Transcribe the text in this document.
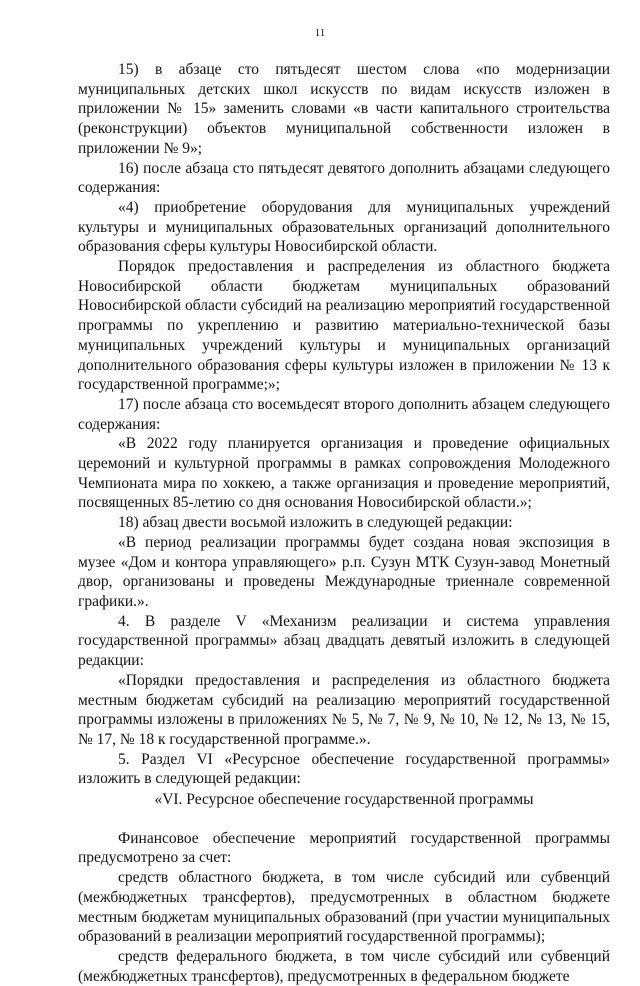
11

15) в абзаце сто пятьдесят шестом слова «по модернизации муниципальных детских школ искусств по видам искусств изложен в приложении № 15» заменить словами «в части капитального строительства (реконструкции) объектов муниципальной собственности изложен в приложении № 9»;

16) после абзаца сто пятьдесят девятого дополнить абзацами следующего содержания:

«4) приобретение оборудования для муниципальных учреждений культуры и муниципальных образовательных организаций дополнительного образования сферы культуры Новосибирской области.

Порядок предоставления и распределения из областного бюджета Новосибирской области бюджетам муниципальных образований Новосибирской области субсидий на реализацию мероприятий государственной программы по укреплению и развитию материально-технической базы муниципальных учреждений культуры и муниципальных организаций дополнительного образования сферы культуры изложен в приложении № 13 к государственной программе;»;

17) после абзаца сто восемьдесят второго дополнить абзацем следующего содержания:

«В 2022 году планируется организация и проведение официальных церемоний и культурной программы в рамках сопровождения Молодежного Чемпионата мира по хоккею, а также организация и проведение мероприятий, посвященных 85-летию со дня основания Новосибирской области.»;

18) абзац двести восьмой изложить в следующей редакции:

«В период реализации программы будет создана новая экспозиция в музее «Дом и контора управляющего» р.п. Сузун МТК Сузун-завод Монетный двор, организованы и проведены Международные триеннале современной графики.».

4. В разделе V «Механизм реализации и система управления государственной программы» абзац двадцать девятый изложить в следующей редакции:

«Порядки предоставления и распределения из областного бюджета местным бюджетам субсидий на реализацию мероприятий государственной программы изложены в приложениях № 5, № 7, № 9, № 10, № 12, № 13, № 15, № 17, № 18 к государственной программе.».

5. Раздел VI «Ресурсное обеспечение государственной программы» изложить в следующей редакции:

«VI. Ресурсное обеспечение государственной программы

Финансовое обеспечение мероприятий государственной программы предусмотрено за счет:

средств областного бюджета, в том числе субсидий или субвенций (межбюджетных трансфертов), предусмотренных в областном бюджете местным бюджетам муниципальных образований (при участии муниципальных образований в реализации мероприятий государственной программы);

средств федерального бюджета, в том числе субсидий или субвенций (межбюджетных трансфертов), предусмотренных в федеральном бюджете
